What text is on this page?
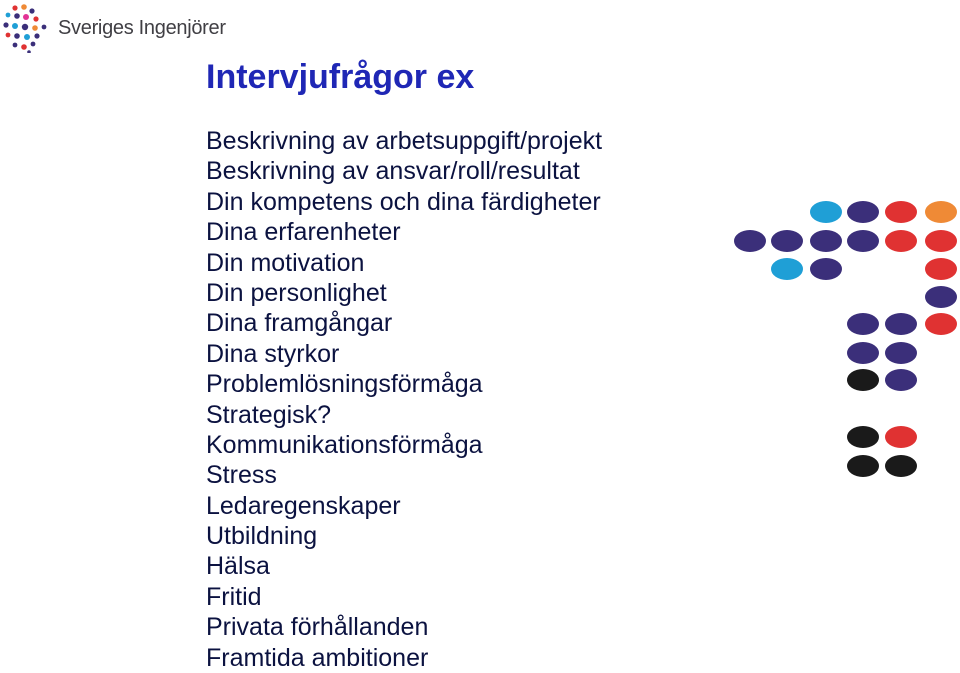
Sveriges Ingenjörer
Intervjufrågor ex
Beskrivning av arbetsuppgift/projekt
Beskrivning av ansvar/roll/resultat
Din kompetens och dina färdigheter
Dina erfarenheter
Din motivation
Din personlighet
Dina framgångar
Dina styrkor
Problemlösningsförmåga
Strategisk?
Kommunikationsförmåga
Stress
Ledaregenskaper
Utbildning
Hälsa
Fritid
Privata förhållanden
Framtida ambitioner
